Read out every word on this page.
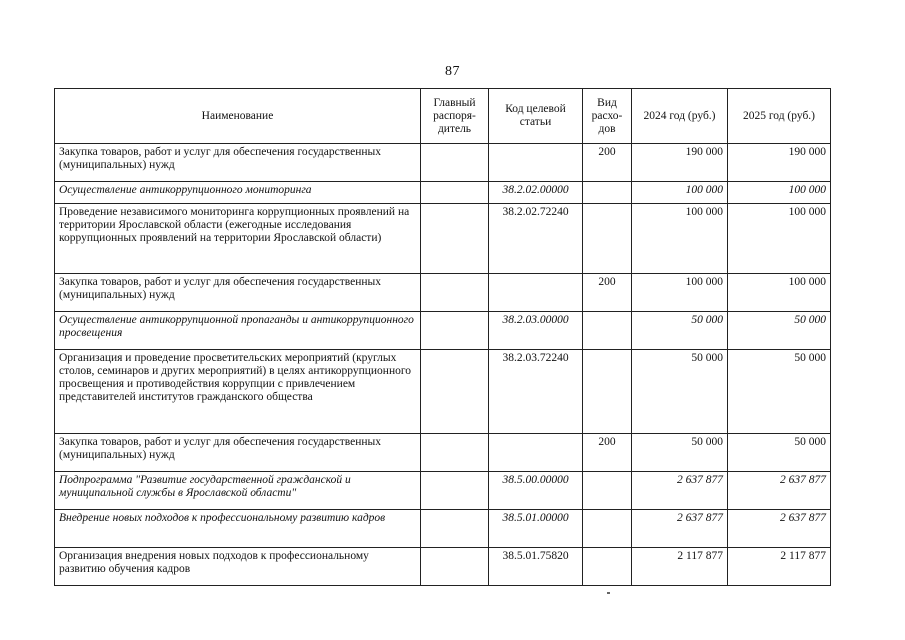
87
Наименование	Главный распоря-дитель	Код целевой статьи	Вид расхо-дов	2024 год (руб.)	2025 год (руб.)
Закупка товаров, работ и услуг для обеспечения государственных (муниципальных) нужд			200	190 000	190 000
Осуществление антикоррупционного мониторинга		38.2.02.00000		100 000	100 000
Проведение независимого мониторинга коррупционных проявлений на территории Ярославской области (ежегодные исследования коррупционных проявлений на территории Ярославской области)		38.2.02.72240		100 000	100 000
Закупка товаров, работ и услуг для обеспечения государственных (муниципальных) нужд			200	100 000	100 000
Осуществление антикоррупционной пропаганды и антикоррупционного просвещения		38.2.03.00000		50 000	50 000
Организация и проведение просветительских мероприятий (круглых столов, семинаров и других мероприятий) в целях антикоррупционного просвещения и противодействия коррупции с привлечением представителей институтов гражданского общества		38.2.03.72240		50 000	50 000
Закупка товаров, работ и услуг для обеспечения государственных (муниципальных) нужд			200	50 000	50 000
Подпрограмма "Развитие государственной гражданской и муниципальной службы в Ярославской области"		38.5.00.00000		2 637 877	2 637 877
Внедрение новых подходов к профессиональному развитию кадров		38.5.01.00000		2 637 877	2 637 877
Организация внедрения новых подходов к профессиональному развитию обучения кадров		38.5.01.75820		2 117 877	2 117 877
